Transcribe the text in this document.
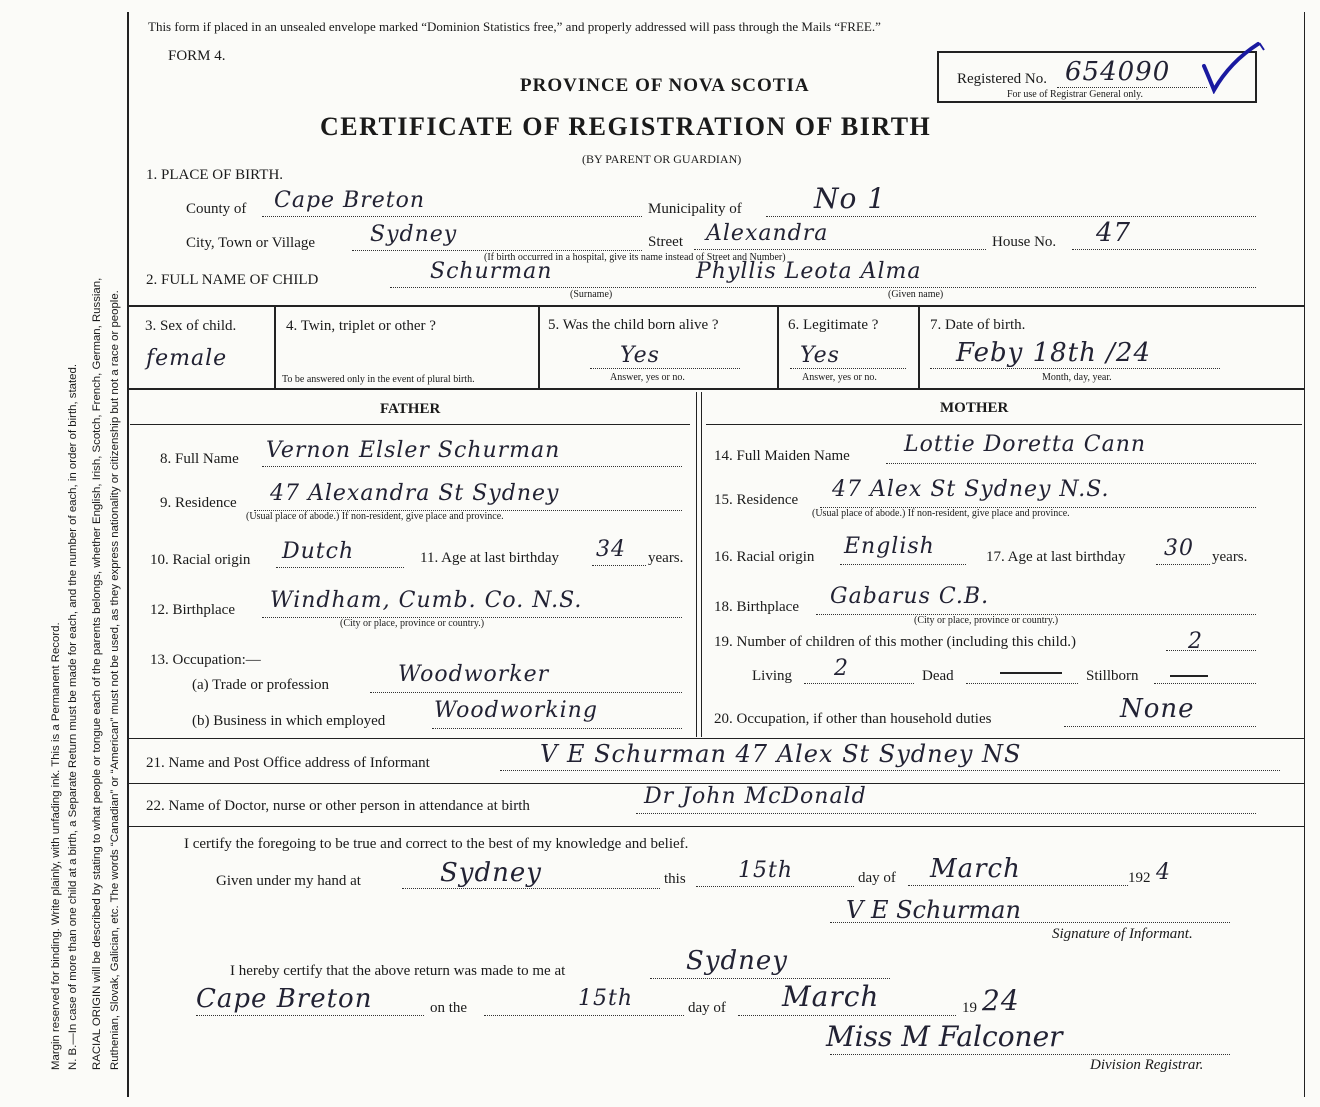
Margin reserved for binding. Write plainly, with unfading ink. This is a Permanent Record. N. B.—In case of more than one child at a birth, a Separate Return must be made for each, and the number of each, in order of birth, stated. RACIAL ORIGIN will be described by stating to what people or tongue each of the parents belongs, whether English, Irish, Scotch, French, German, Russian, Ruthenian, Slovak, Galician, etc. The words “Canadian” or “American” must not be used, as they express nationality or citizenship but not a race or people.
This form if placed in an unsealed envelope marked “Dominion Statistics free,” and properly addressed will pass through the Mails “FREE.”
FORM 4.
PROVINCE OF NOVA SCOTIA
CERTIFICATE OF REGISTRATION OF BIRTH
(BY PARENT OR GUARDIAN)
Registered No. 654090
For use of Registrar General only.
1. PLACE OF BIRTH.
County of Cape Breton	Municipality of	No 1
City, Town or Village Sydney	Street Alexandra	House No. 47
(If birth occurred in a hospital, give its name instead of Street and Number)
2. FULL NAME OF CHILD	Schurman	Phyllis Leota Alma
(Surname)	(Given name)
3. Sex of child.
female
4. Twin, triplet or other ?
To be answered only in the event of plural birth.
5. Was the child born alive ?
Yes
Answer, yes or no.
6. Legitimate ?
Yes
Answer, yes or no.
7. Date of birth.
Feby 18th /24
Month, day, year.
FATHER
8. Full Name Vernon Elsler Schurman
9. Residence 47 Alexandra St Sydney
(Usual place of abode.) If non-resident, give place and province.
10. Racial origin Dutch	11. Age at last birthday 34 years.
12. Birthplace Windham, Cumb. Co. N.S.
(City or place, province or country.)
13. Occupation:—
(a) Trade or profession	Woodworker
(b) Business in which employed Woodworking
MOTHER
14. Full Maiden Name Lottie Doretta Cann
15. Residence 47 Alex St Sydney N.S.
(Usual place of abode.) If non-resident, give place and province.
16. Racial origin English	17. Age at last birthday 30 years.
18. Birthplace Gabarus C.B.
(City or place, province or country.)
19. Number of children of this mother (including this child.)	2
Living 2	Dead	Stillborn
20. Occupation, if other than household duties	None
21. Name and Post Office address of Informant	V E Schurman 47 Alex St Sydney NS
22. Name of Doctor, nurse or other person in attendance at birth	Dr John McDonald
I certify the foregoing to be true and correct to the best of my knowledge and belief.
Given under my hand at	Sydney	this 15th	day of March	192 4
V E Schurman
Signature of Informant.
I hereby certify that the above return was made to me at	Sydney
Cape Breton	on the	15th	day of March	19 24
Miss M Falconer
Division Registrar.
